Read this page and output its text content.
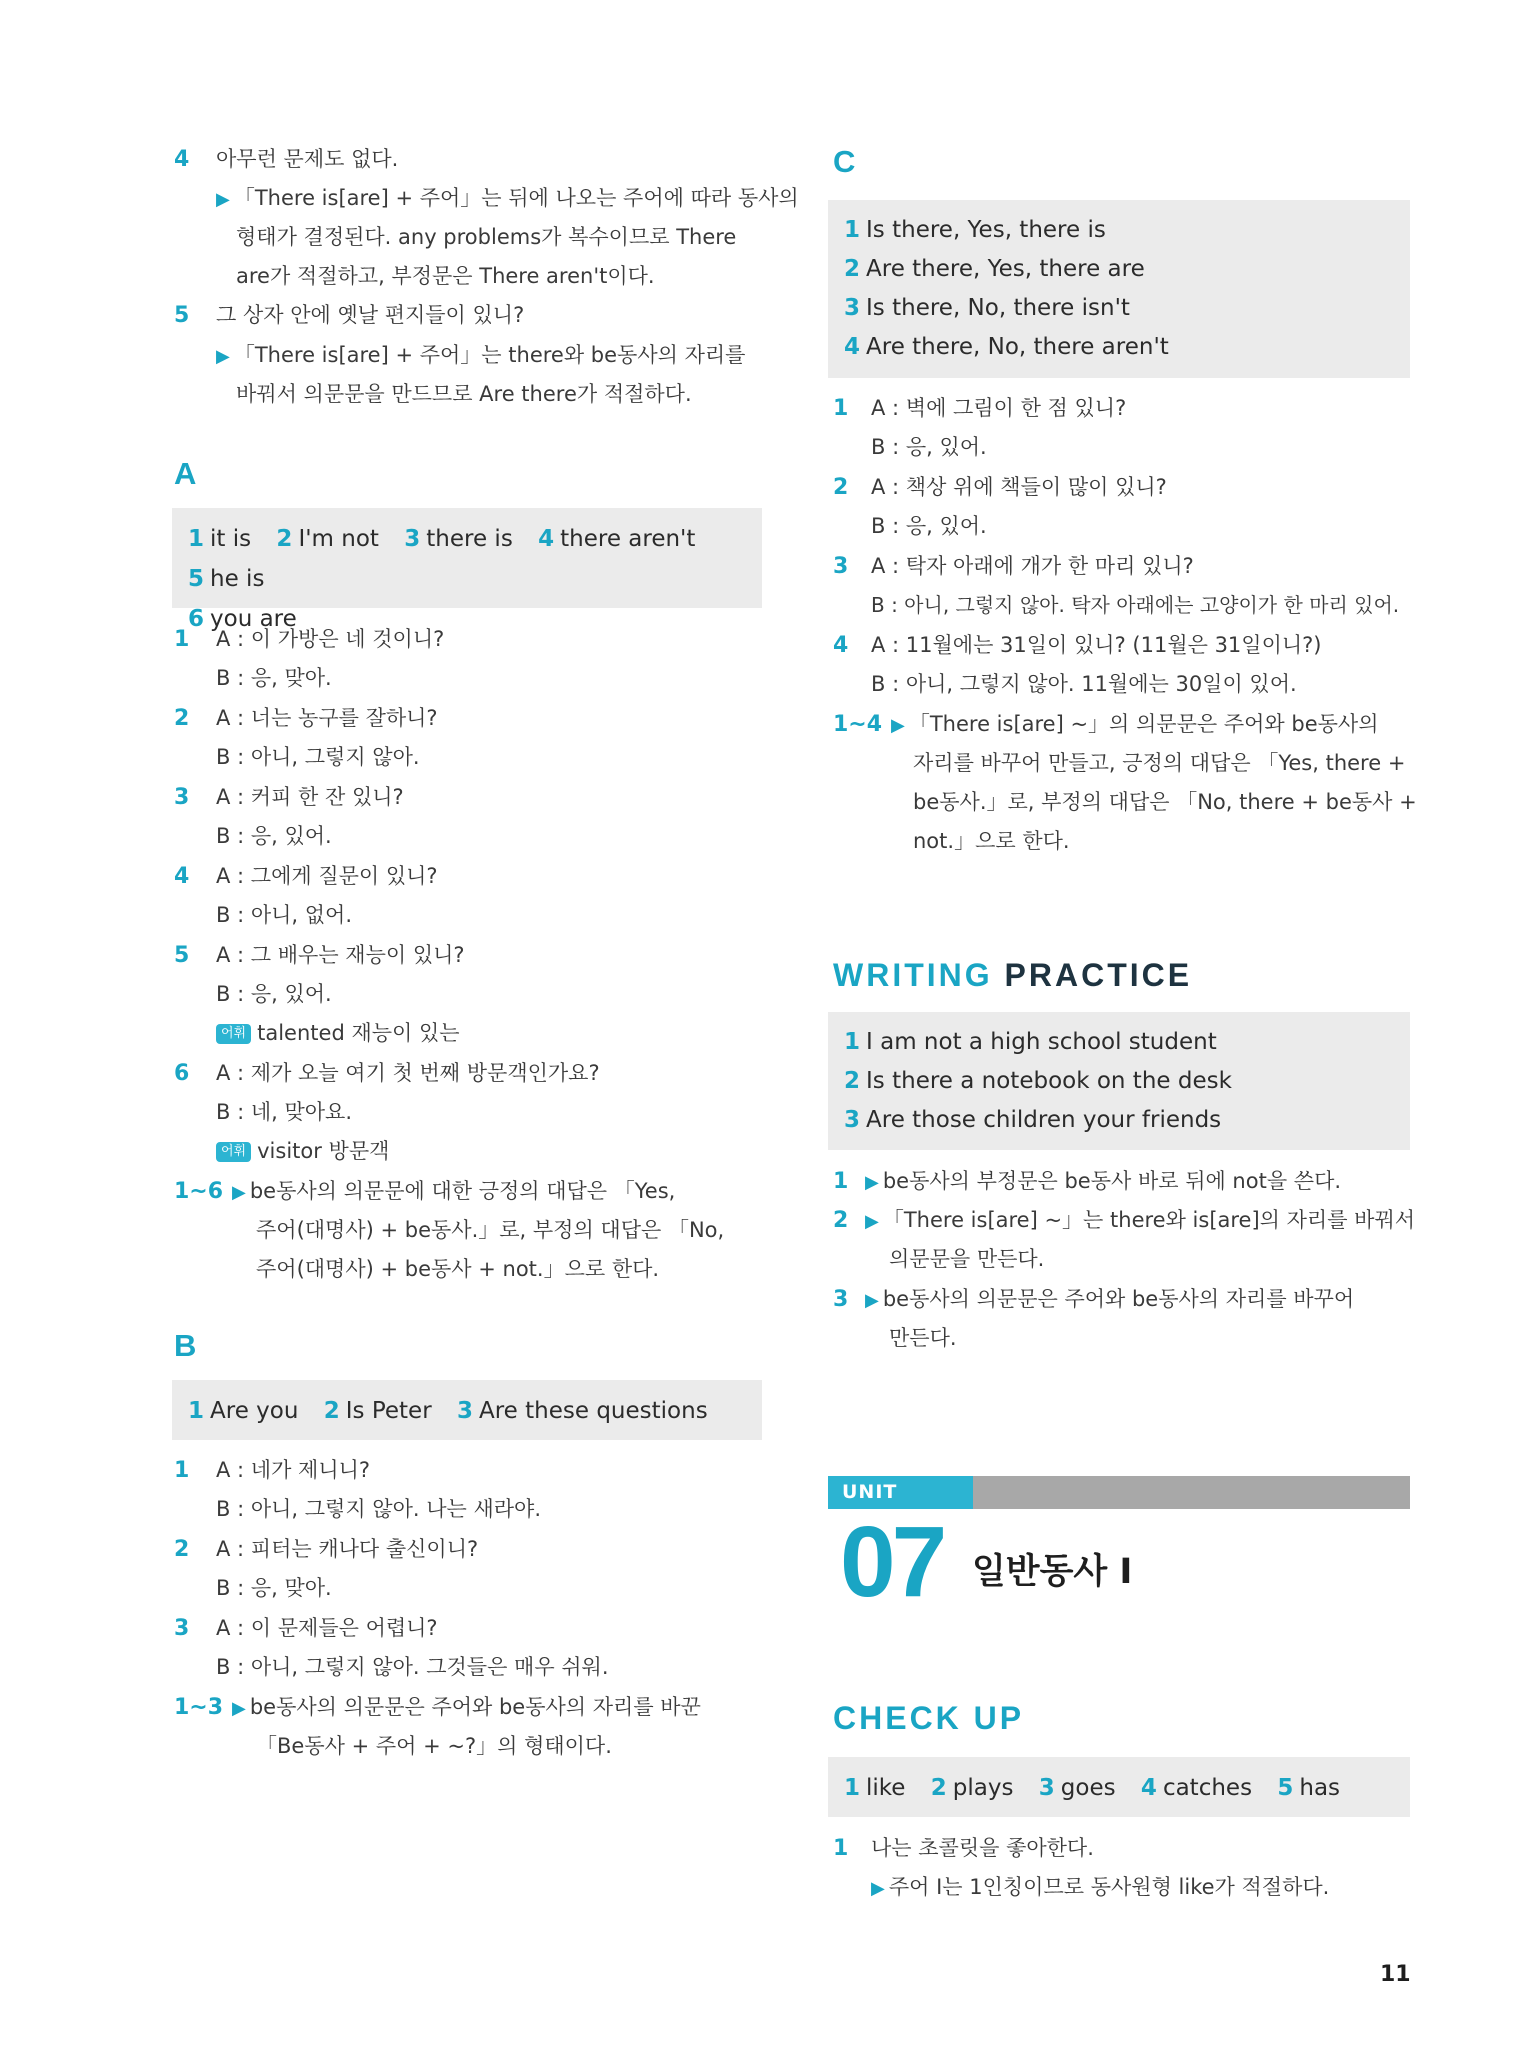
4 아무런 문제도 없다.
▶ 「There is[are] + 주어」는 뒤에 나오는 주어에 따라 동사의
형태가 결정된다. any problems가 복수이므로 There
are가 적절하고, 부정문은 There aren't이다.
5 그 상자 안에 옛날 편지들이 있니?
▶ 「There is[are] + 주어」는 there와 be동사의 자리를
바꿔서 의문문을 만드므로 Are there가 적절하다.
A
1 it is 2 I'm not 3 there is 4 there aren't 5 he is
6 you are
1 A : 이 가방은 네 것이니?
B : 응, 맞아.
2 A : 너는 농구를 잘하니?
B : 아니, 그렇지 않아.
3 A : 커피 한 잔 있니?
B : 응, 있어.
4 A : 그에게 질문이 있니?
B : 아니, 없어.
5 A : 그 배우는 재능이 있니?
B : 응, 있어.
어휘 talented 재능이 있는
6 A : 제가 오늘 여기 첫 번째 방문객인가요?
B : 네, 맞아요.
어휘 visitor 방문객
1~6 ▶ be동사의 의문문에 대한 긍정의 대답은 「Yes,
주어(대명사) + be동사.」로, 부정의 대답은 「No,
주어(대명사) + be동사 + not.」으로 한다.
B
1 Are you 2 Is Peter 3 Are these questions
1 A : 네가 제니니?
B : 아니, 그렇지 않아. 나는 새라야.
2 A : 피터는 캐나다 출신이니?
B : 응, 맞아.
3 A : 이 문제들은 어렵니?
B : 아니, 그렇지 않아. 그것들은 매우 쉬워.
1~3 ▶ be동사의 의문문은 주어와 be동사의 자리를 바꾼
「Be동사 + 주어 + ~?」의 형태이다.
C
1 Is there, Yes, there is
2 Are there, Yes, there are
3 Is there, No, there isn't
4 Are there, No, there aren't
1 A : 벽에 그림이 한 점 있니?
B : 응, 있어.
2 A : 책상 위에 책들이 많이 있니?
B : 응, 있어.
3 A : 탁자 아래에 개가 한 마리 있니?
B : 아니, 그렇지 않아. 탁자 아래에는 고양이가 한 마리 있어.
4 A : 11월에는 31일이 있니? (11월은 31일이니?)
B : 아니, 그렇지 않아. 11월에는 30일이 있어.
1~4 ▶ 「There is[are] ~」의 의문문은 주어와 be동사의
자리를 바꾸어 만들고, 긍정의 대답은 「Yes, there +
be동사.」로, 부정의 대답은 「No, there + be동사 +
not.」으로 한다.
WRITING PRACTICE
1 I am not a high school student
2 Is there a notebook on the desk
3 Are those children your friends
1 ▶ be동사의 부정문은 be동사 바로 뒤에 not을 쓴다.
2 ▶ 「There is[are] ~」는 there와 is[are]의 자리를 바꿔서
의문문을 만든다.
3 ▶ be동사의 의문문은 주어와 be동사의 자리를 바꾸어
만든다.
CHECK UP
1 like 2 plays 3 goes 4 catches 5 has
1 나는 초콜릿을 좋아한다.
▶ 주어 I는 1인칭이므로 동사원형 like가 적절하다.
UNIT
07 일반동사 I
11
